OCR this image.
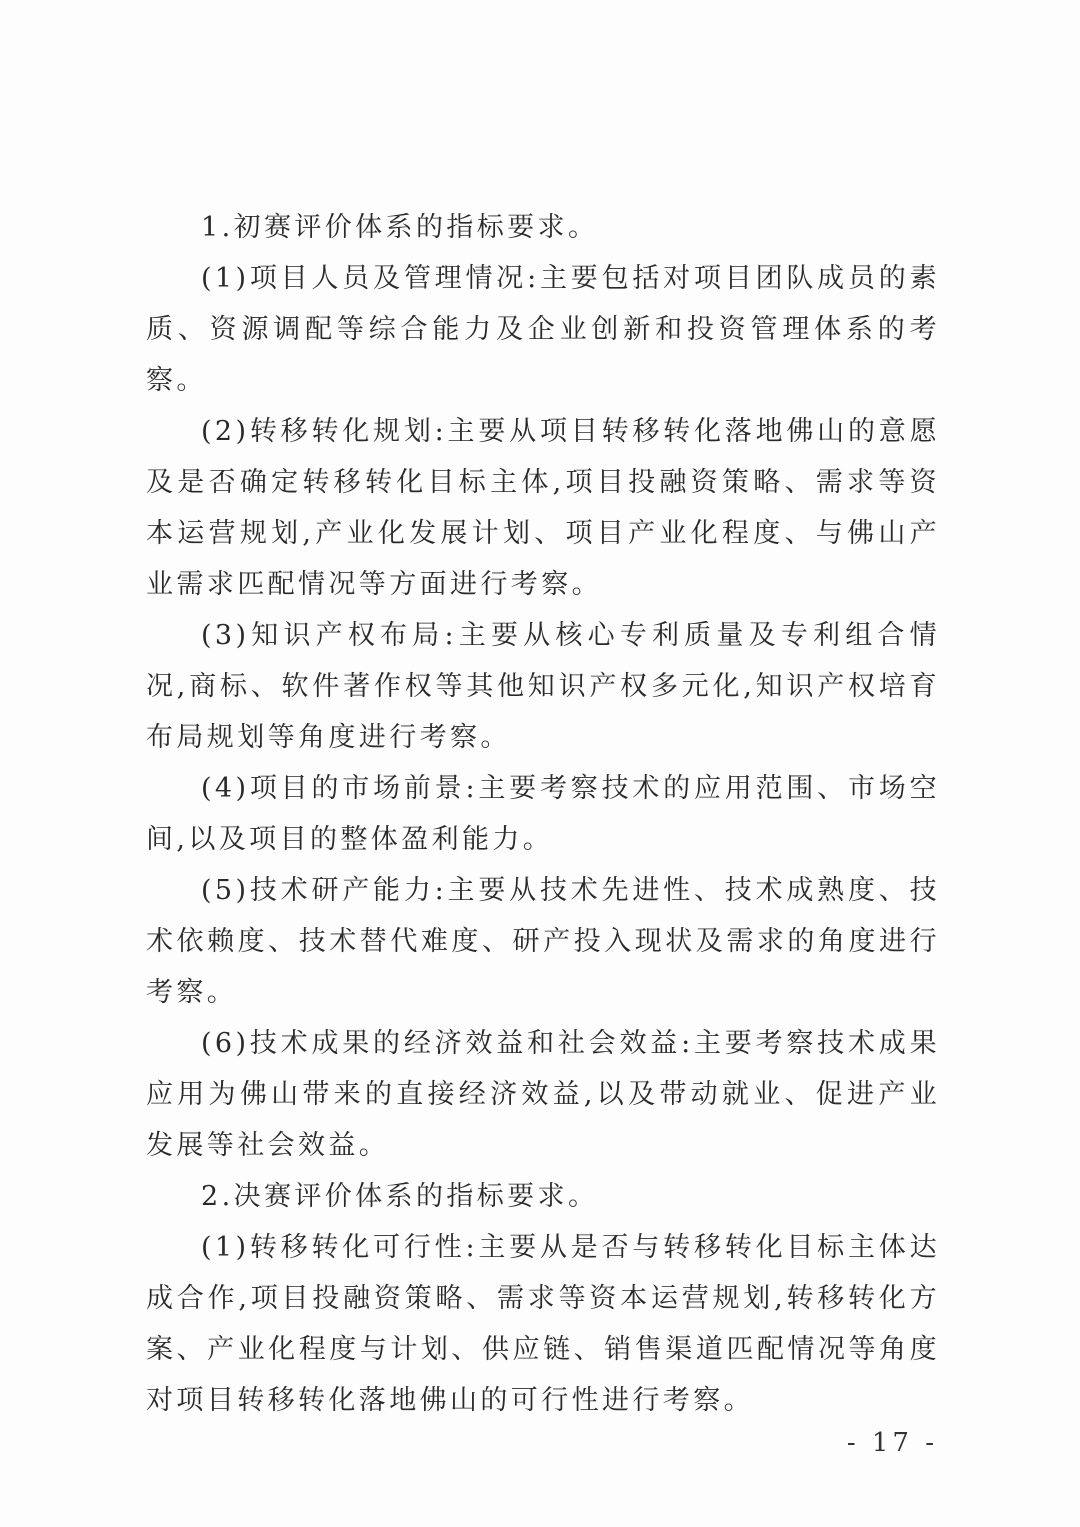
1.初赛评价体系的指标要求。

(1)项目人员及管理情况:主要包括对项目团队成员的素质、资源调配等综合能力及企业创新和投资管理体系的考察。

(2)转移转化规划:主要从项目转移转化落地佛山的意愿及是否确定转移转化目标主体,项目投融资策略、需求等资本运营规划,产业化发展计划、项目产业化程度、与佛山产业需求匹配情况等方面进行考察。

(3)知识产权布局:主要从核心专利质量及专利组合情况,商标、软件著作权等其他知识产权多元化,知识产权培育布局规划等角度进行考察。

(4)项目的市场前景:主要考察技术的应用范围、市场空间,以及项目的整体盈利能力。

(5)技术研产能力:主要从技术先进性、技术成熟度、技术依赖度、技术替代难度、研产投入现状及需求的角度进行考察。

(6)技术成果的经济效益和社会效益:主要考察技术成果应用为佛山带来的直接经济效益,以及带动就业、促进产业发展等社会效益。

2.决赛评价体系的指标要求。

(1)转移转化可行性:主要从是否与转移转化目标主体达成合作,项目投融资策略、需求等资本运营规划,转移转化方案、产业化程度与计划、供应链、销售渠道匹配情况等角度对项目转移转化落地佛山的可行性进行考察。

- 17 -
